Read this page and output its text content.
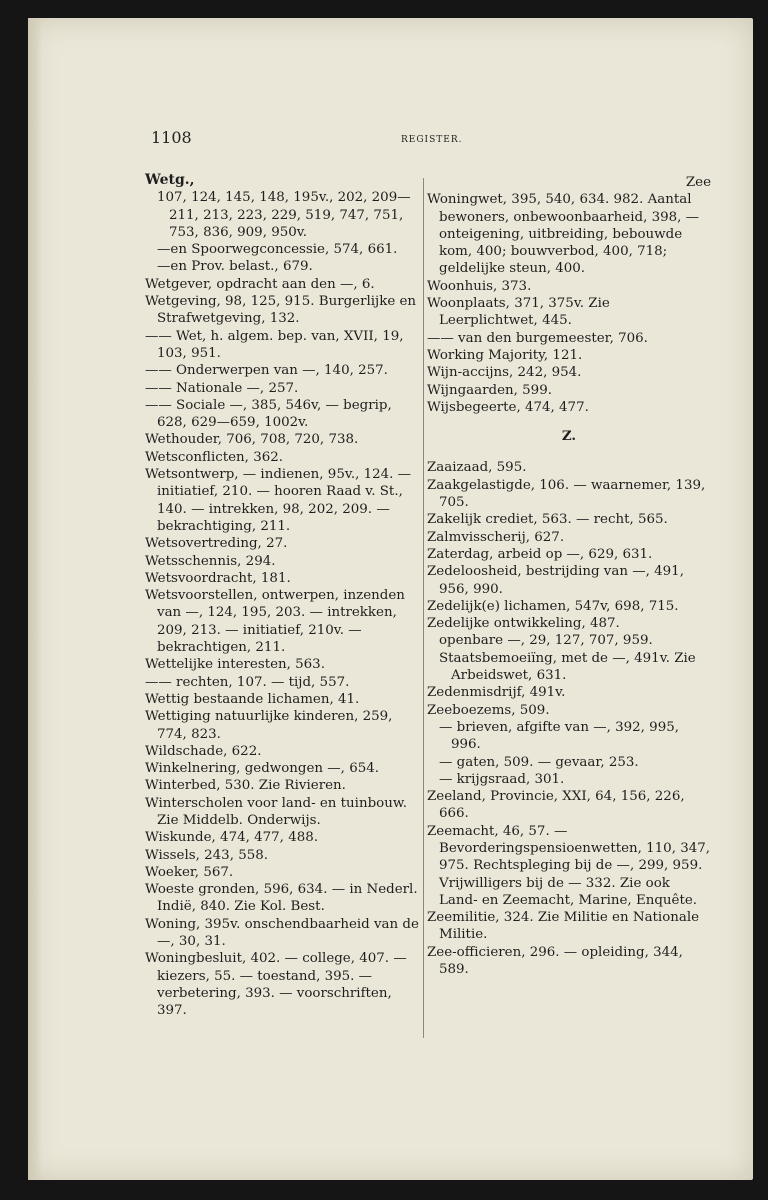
1108	REGISTER.
Wetg.,
107, 124, 145, 148, 195v., 202, 209—211, 213, 223, 229, 519, 747, 751, 753, 836, 909, 950v.
—en Spoorwegconcessie, 574, 661.
—en Prov. belast., 679.
Wetgever, opdracht aan den —, 6.
Wetgeving, 98, 125, 915. Burgerlijke en Strafwetgeving, 132.
—— Wet, h. algem. bep. van, XVII, 19, 103, 951.
—— Onderwerpen van —, 140, 257.
—— Nationale —, 257.
—— Sociale —, 385, 546v, — begrip, 628, 629—659, 1002v.
Wethouder, 706, 708, 720, 738.
Wetsconflicten, 362.
Wetsontwerp, — indienen, 95v., 124. — initiatief, 210. — hooren Raad v. St., 140. — intrekken, 98, 202, 209. — bekrachtiging, 211.
Wetsovertreding, 27.
Wetsschennis, 294.
Wetsvoordracht, 181.
Wetsvoorstellen, ontwerpen, inzenden van —, 124, 195, 203. — intrekken, 209, 213. — initiatief, 210v. — bekrachtigen, 211.
Wettelijke interesten, 563.
—— rechten, 107. — tijd, 557.
Wettig bestaande lichamen, 41.
Wettiging natuurlijke kinderen, 259, 774, 823.
Wildschade, 622.
Winkelnering, gedwongen —, 654.
Winterbed, 530. Zie Rivieren.
Winterscholen voor land- en tuinbouw. Zie Middelb. Onderwijs.
Wiskunde, 474, 477, 488.
Wissels, 243, 558.
Woeker, 567.
Woeste gronden, 596, 634. — in Nederl. Indië, 840. Zie Kol. Best.
Woning, 395v. onschendbaarheid van de —, 30, 31.
Woningbesluit, 402. — college, 407. — kiezers, 55. — toestand, 395. — verbetering, 393. — voorschriften, 397.
Zee
Woningwet, 395, 540, 634. 982. Aantal bewoners, onbewoonbaarheid, 398, — onteigening, uitbreiding, bebouwde kom, 400; bouwverbod, 400, 718; geldelijke steun, 400.
Woonhuis, 373.
Woonplaats, 371, 375v. Zie Leerplichtwet, 445.
—— van den burgemeester, 706.
Working Majority, 121.
Wijn-accijns, 242, 954.
Wijngaarden, 599.
Wijsbegeerte, 474, 477.
Z.
Zaaizaad, 595.
Zaakgelastigde, 106. — waarnemer, 139, 705.
Zakelijk crediet, 563. — recht, 565.
Zalmvisscherij, 627.
Zaterdag, arbeid op —, 629, 631.
Zedeloosheid, bestrijding van —, 491, 956, 990.
Zedelijk(e) lichamen, 547v, 698, 715.
Zedelijke ontwikkeling, 487.
openbare —, 29, 127, 707, 959.
Staatsbemoeiïng, met de —, 491v. Zie Arbeidswet, 631.
Zedenmisdrijf, 491v.
Zeeboezems, 509.
— brieven, afgifte van —, 392, 995, 996.
— gaten, 509. — gevaar, 253.
— krijgsraad, 301.
Zeeland, Provincie, XXI, 64, 156, 226, 666.
Zeemacht, 46, 57. — Bevorderingspensioenwetten, 110, 347, 975. Rechtspleging bij de —, 299, 959. Vrijwilligers bij de — 332. Zie ook Land- en Zeemacht, Marine, Enquête.
Zeemilitie, 324. Zie Militie en Nationale Militie.
Zee-officieren, 296. — opleiding, 344, 589.
